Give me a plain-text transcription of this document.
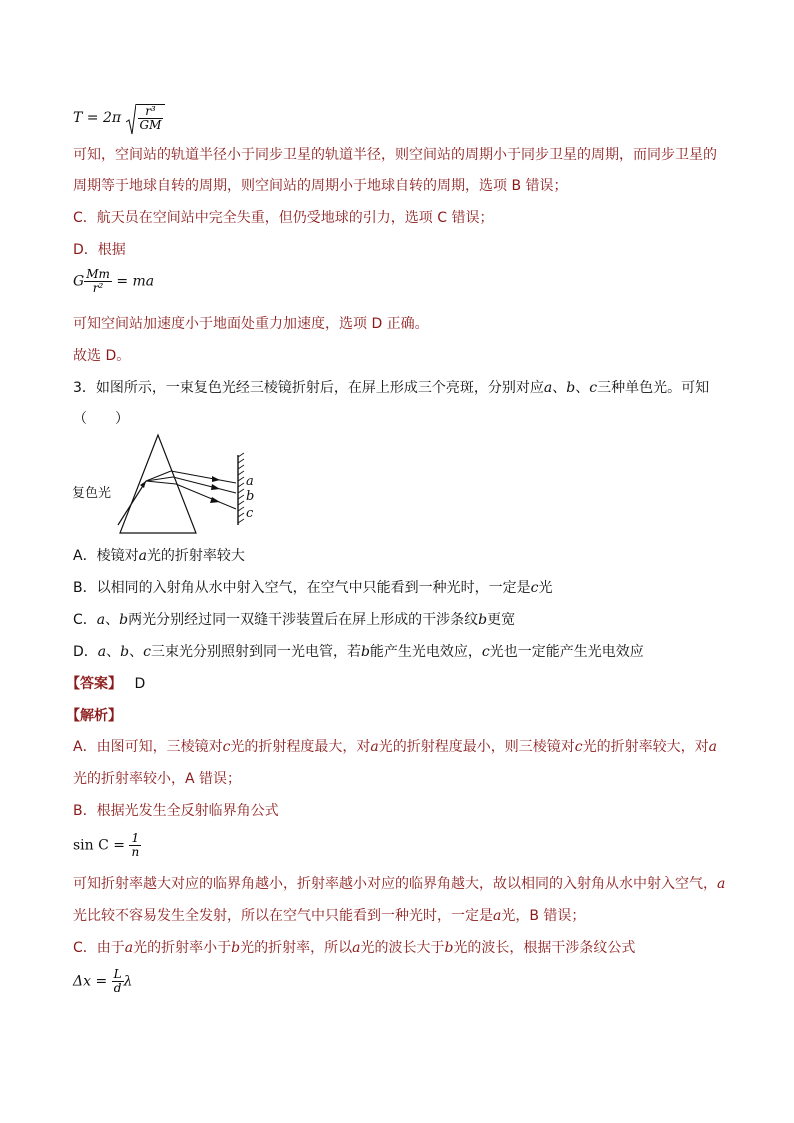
$T = 2\pi \frac{\text{r³}}{GM}$
可知，空间站的轨道半径小于同步卫星的轨道半径，则空间站的周期小于同步卫星的周期，而同步卫星的
周期等于地球自转的周期，则空间站的周期小于地球自转的周期，选项 B 错误；
C．航天员在空间站中完全失重，但仍受地球的引力，选项 C 错误；
D．根据
G $\frac{Mm}{\text{r²}}$ = ma
可知空间站加速度小于地面处重力加速度，选项 D 正确。
故选 D。
3．如图所示，一束复色光经三棱镜折射后，在屏上形成三个亮斑，分别对应a、b、c三种单色光。可知
（　　）
复色光
a
b
c
A．棱镜对a光的折射率较大
B．以相同的入射角从水中射入空气，在空气中只能看到一种光时，一定是c光
C．a、b两光分别经过同一双缝干涉装置后在屏上形成的干涉条纹b更宽
D．a、b、c三束光分别照射到同一光电管，若b能产生光电效应，c光也一定能产生光电效应
【答案】 D
【解析】
A．由图可知，三棱镜对c光的折射程度最大，对a光的折射程度最小，则三棱镜对c光的折射率较大，对a
光的折射率较小，A 错误；
B．根据光发生全反射临界角公式
$\sin C = \frac{1}{n}$
可知折射率越大对应的临界角越小，折射率越小对应的临界角越大，故以相同的入射角从水中射入空气，a
光比较不容易发生全发射，所以在空气中只能看到一种光时，一定是a光，B 错误；
C．由于a光的折射率小于b光的折射率，所以a光的波长大于b光的波长，根据干涉条纹公式
$\Delta x = \frac{L}{d}$ λ
